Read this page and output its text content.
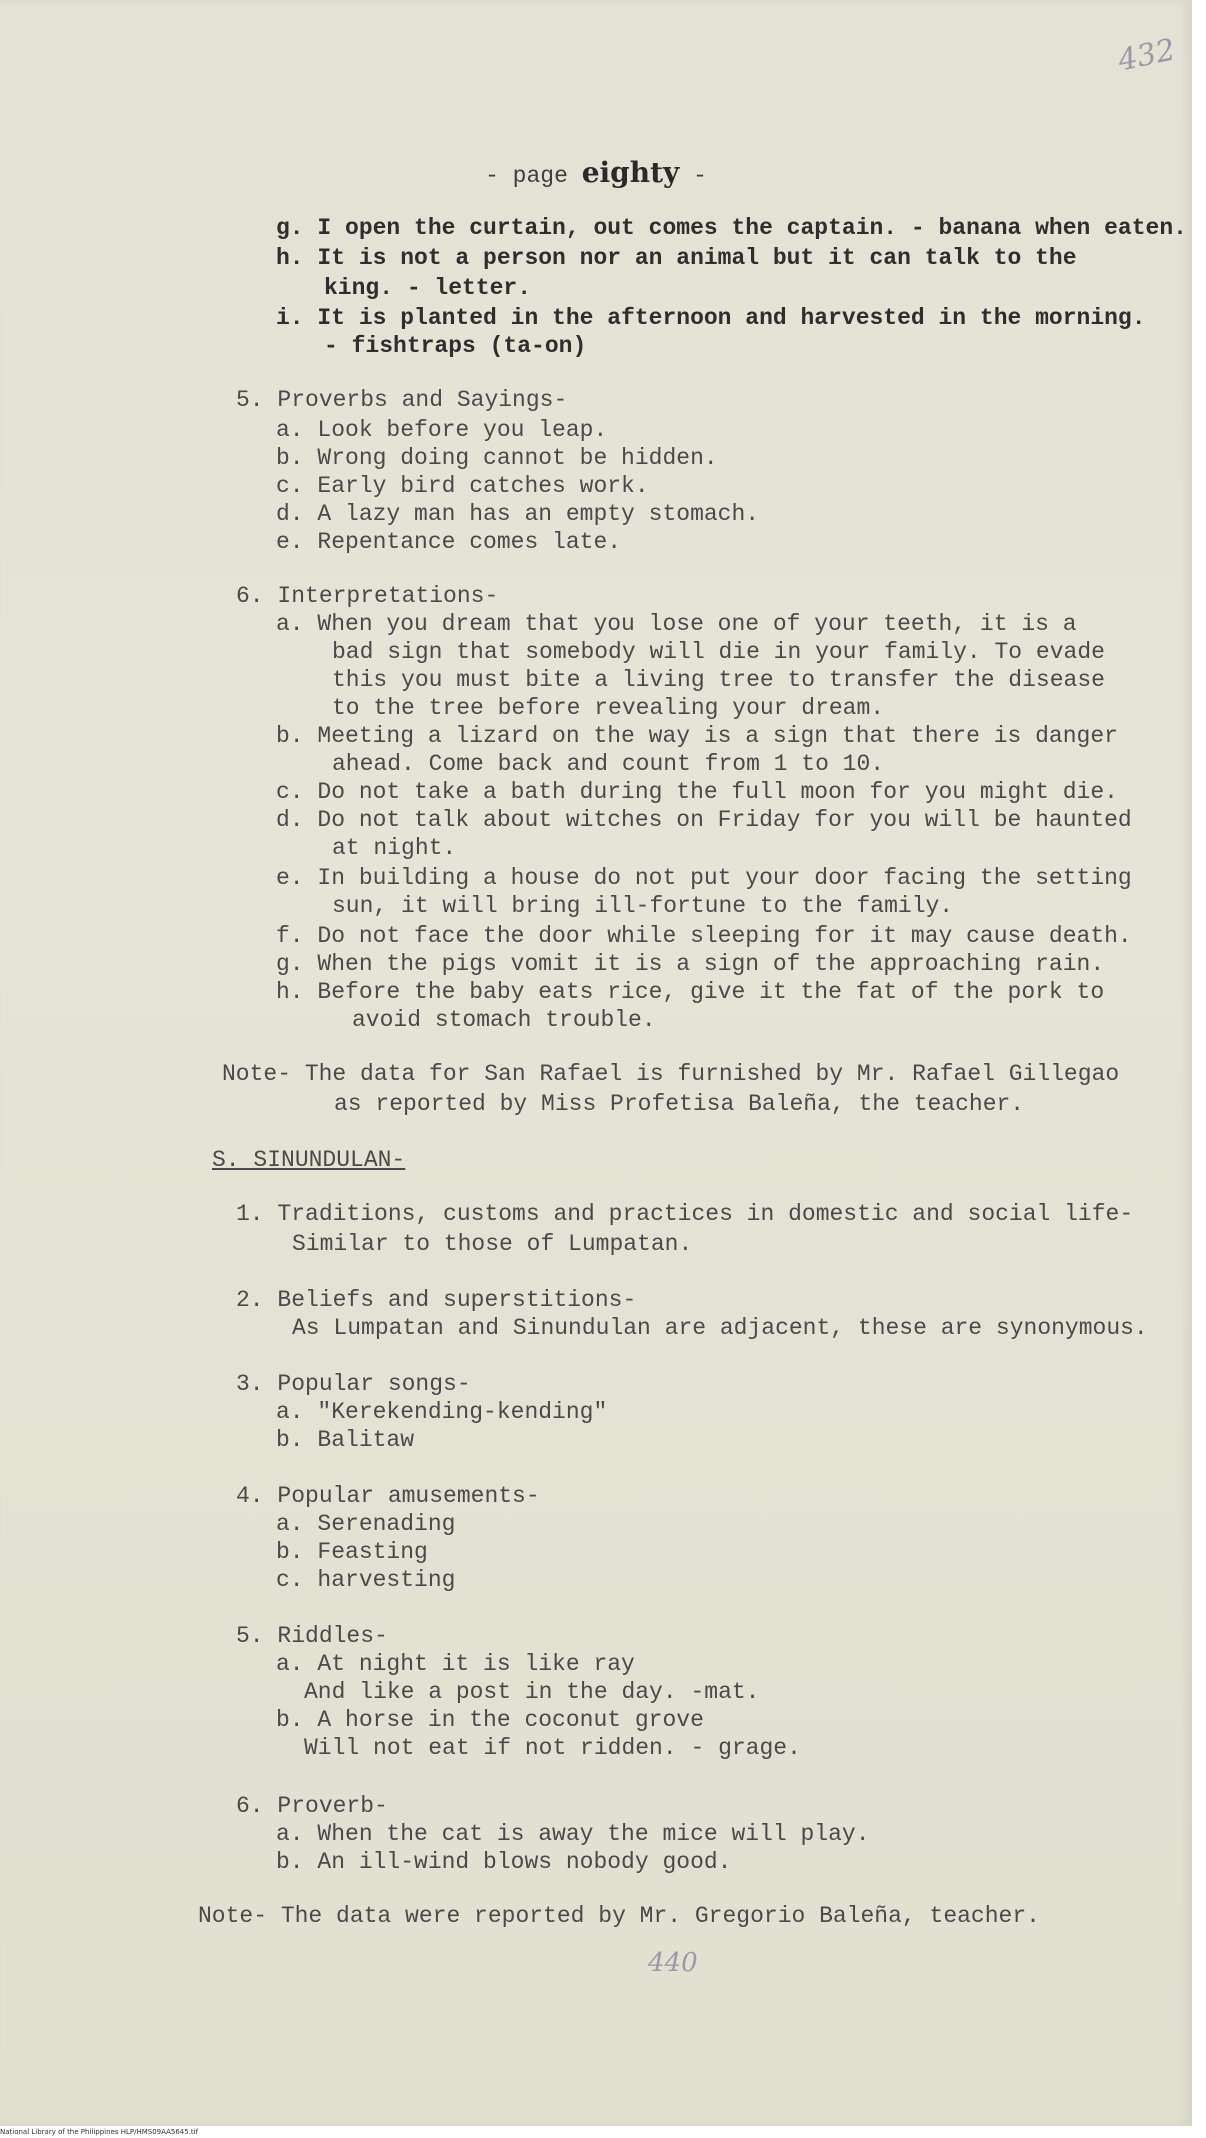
432
- page eighty -
g. I open the curtain, out comes the captain. - banana when eaten.
h. It is not a person nor an animal but it can talk to the
king. - letter.
i. It is planted in the afternoon and harvested in the morning.
- fishtraps (ta-on)
5. Proverbs and Sayings-
a. Look before you leap.
b. Wrong doing cannot be hidden.
c. Early bird catches work.
d. A lazy man has an empty stomach.
e. Repentance comes late.
6. Interpretations-
a. When you dream that you lose one of your teeth, it is a
bad sign that somebody will die in your family. To evade
this you must bite a living tree to transfer the disease
to the tree before revealing your dream.
b. Meeting a lizard on the way is a sign that there is danger
ahead. Come back and count from 1 to 10.
c. Do not take a bath during the full moon for you might die.
d. Do not talk about witches on Friday for you will be haunted
at night.
e. In building a house do not put your door facing the setting
sun, it will bring ill-fortune to the family.
f. Do not face the door while sleeping for it may cause death.
g. When the pigs vomit it is a sign of the approaching rain.
h. Before the baby eats rice, give it the fat of the pork to
avoid stomach trouble.
Note- The data for San Rafael is furnished by Mr. Rafael Gillegao
as reported by Miss Profetisa Baleña, the teacher.
S. SINUNDULAN-
1. Traditions, customs and practices in domestic and social life-
Similar to those of Lumpatan.
2. Beliefs and superstitions-
As Lumpatan and Sinundulan are adjacent, these are synonymous.
3. Popular songs-
a. "Kerekending-kending"
b. Balitaw
4. Popular amusements-
a. Serenading
b. Feasting
c. harvesting
5. Riddles-
a. At night it is like ray
And like a post in the day. -mat.
b. A horse in the coconut grove
Will not eat if not ridden. - grage.
6. Proverb-
a. When the cat is away the mice will play.
b. An ill-wind blows nobody good.
Note- The data were reported by Mr. Gregorio Baleña, teacher.
440
National Library of the Philippines HLP/HMS09AA5645.tif
